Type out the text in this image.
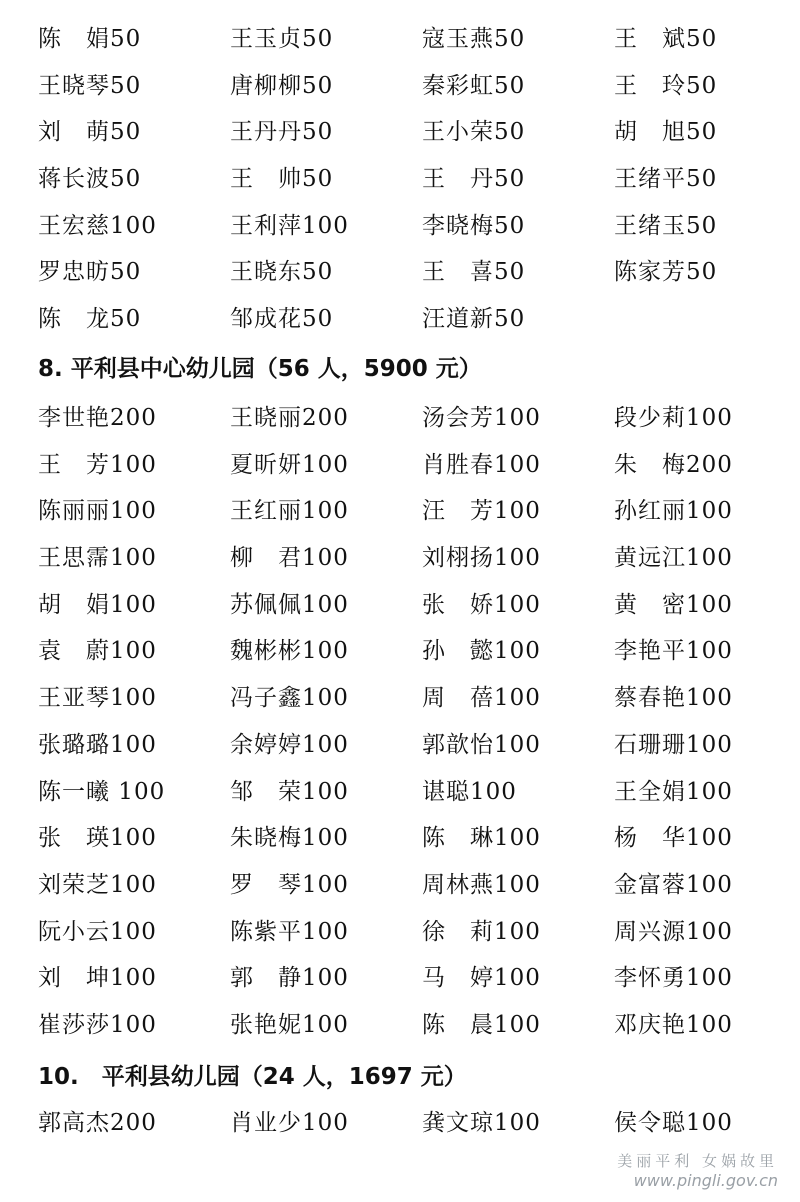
陈　娟50	王玉贞50	寇玉燕50	王　斌50
王晓琴50	唐柳柳50	秦彩虹50	王　玲50
刘　萌50	王丹丹50	王小荣50	胡　旭50
蒋长波50	王　帅50	王　丹50	王绪平50
王宏慈100	王利萍100	李晓梅50	王绪玉50
罗忠昉50	王晓东50	王　喜50	陈家芳50
陈　龙50	邹成花50	汪道新50
8. 平利县中心幼儿园（56 人，5900 元）
李世艳200	王晓丽200	汤会芳100	段少莉100
王　芳100	夏昕妍100	肖胜春100	朱　梅200
陈丽丽100	王红丽100	汪　芳100	孙红丽100
王思霈100	柳　君100	刘栩扬100	黄远江100
胡　娟100	苏佩佩100	张　娇100	黄　密100
袁　蔚100	魏彬彬100	孙　懿100	李艳平100
王亚琴100	冯子鑫100	周　蓓100	蔡春艳100
张璐璐100	余婷婷100	郭歆怡100	石珊珊100
陈一曦 100	邹　荣100	谌聪100	王全娟100
张　瑛100	朱晓梅100	陈　琳100	杨　华100
刘荣芝100	罗　琴100	周林燕100	金富蓉100
阮小云100	陈紫平100	徐　莉100	周兴源100
刘　坤100	郭　静100	马　婷100	李怀勇100
崔莎莎100	张艳妮100	陈　晨100	邓庆艳100
10.　平利县幼儿园（24 人，1697 元）
郭高杰200	肖业少100	龚文琼100	侯令聪100
美丽平利 女娲故里
www.pingli.gov.cn
